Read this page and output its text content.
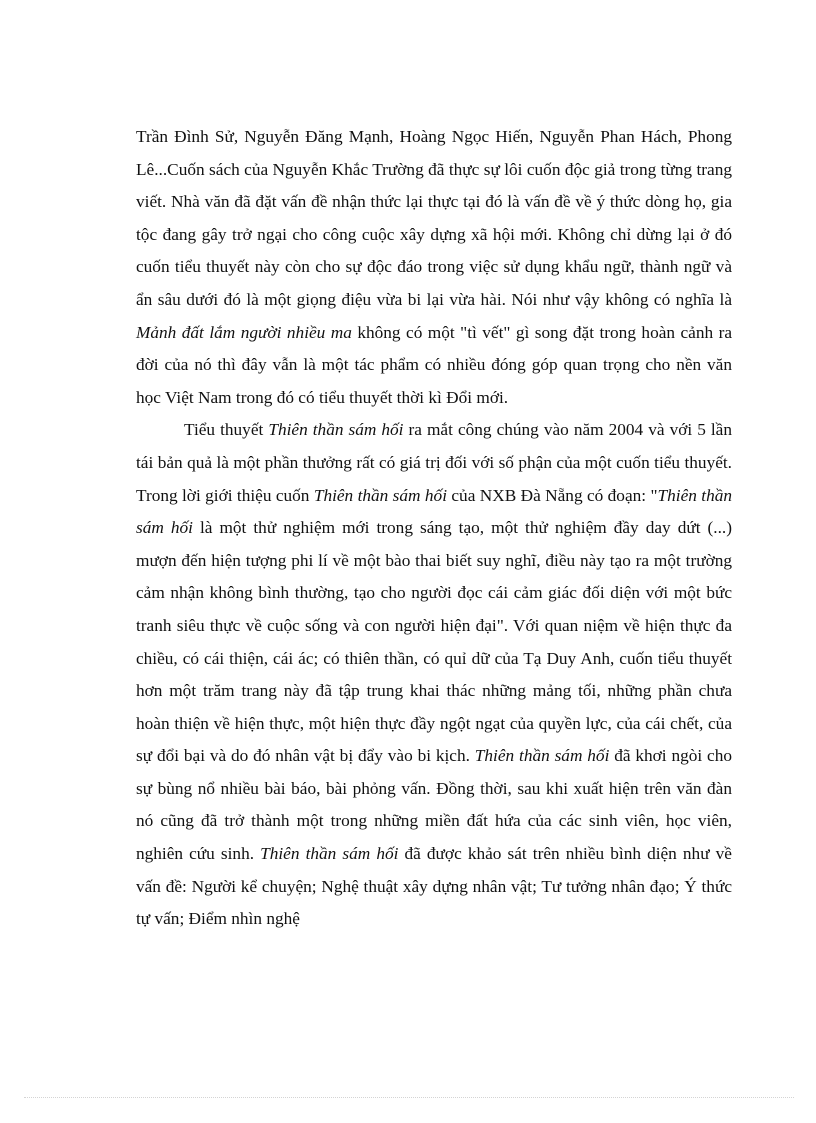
Trần Đình Sử, Nguyễn Đăng Mạnh, Hoàng Ngọc Hiến, Nguyễn Phan Hách, Phong Lê...Cuốn sách của Nguyễn Khắc Trường đã thực sự lôi cuốn độc giả trong từng trang viết. Nhà văn đã đặt vấn đề nhận thức lại thực tại đó là vấn đề về ý thức dòng họ, gia tộc đang gây trở ngại cho công cuộc xây dựng xã hội mới. Không chỉ dừng lại ở đó cuốn tiểu thuyết này còn cho sự độc đáo trong việc sử dụng khẩu ngữ, thành ngữ và ẩn sâu dưới đó là một giọng điệu vừa bi lại vừa hài. Nói như vậy không có nghĩa là Mảnh đất lắm người nhiều ma không có một "tì vết" gì song đặt trong hoàn cảnh ra đời của nó thì đây vẫn là một tác phẩm có nhiều đóng góp quan trọng cho nền văn học Việt Nam trong đó có tiểu thuyết thời kì Đổi mới.

Tiểu thuyết Thiên thần sám hối ra mắt công chúng vào năm 2004 và với 5 lần tái bản quả là một phần thưởng rất có giá trị đối với số phận của một cuốn tiểu thuyết. Trong lời giới thiệu cuốn Thiên thần sám hối của NXB Đà Nẵng có đoạn: "Thiên thần sám hối là một thử nghiệm mới trong sáng tạo, một thử nghiệm đầy day dứt (...) mượn đến hiện tượng phi lí về một bào thai biết suy nghĩ, điều này tạo ra một trường cảm nhận không bình thường, tạo cho người đọc cái cảm giác đối diện với một bức tranh siêu thực về cuộc sống và con người hiện đại". Với quan niệm về hiện thực đa chiều, có cái thiện, cái ác; có thiên thần, có quỉ dữ của Tạ Duy Anh, cuốn tiểu thuyết hơn một trăm trang này đã tập trung khai thác những mảng tối, những phần chưa hoàn thiện về hiện thực, một hiện thực đầy ngột ngạt của quyền lực, của cái chết, của sự đổi bại và do đó nhân vật bị đẩy vào bi kịch. Thiên thần sám hối đã khơi ngòi cho sự bùng nổ nhiều bài báo, bài phỏng vấn. Đồng thời, sau khi xuất hiện trên văn đàn nó cũng đã trở thành một trong những miền đất hứa của các sinh viên, học viên, nghiên cứu sinh. Thiên thần sám hối đã được khảo sát trên nhiều bình diện như về vấn đề: Người kể chuyện; Nghệ thuật xây dựng nhân vật; Tư tưởng nhân đạo; Ý thức tự vấn; Điểm nhìn nghệ
